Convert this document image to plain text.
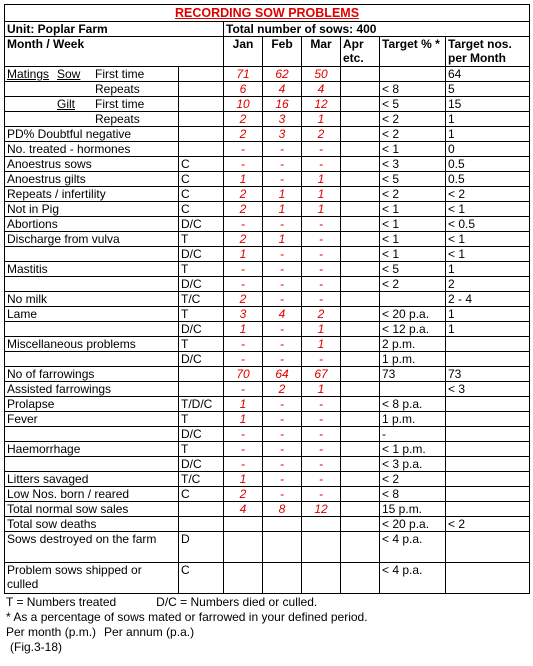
RECORDING SOW PROBLEMS							
Unit: Poplar Farm		Total number of sows: 400					
Month / Week		Jan	Feb	Mar	Apr etc.	Target % *	Target nos. per Month

Matings Sow First time		71	62	50			64

Repeats		6	4	4		< 8	5

Gilt First time		10	16	12		< 5	15

Repeats		2	3	1		< 2	1
PD% Doubtful negative		2	3	2		< 2	1
No. treated - hormones		-	-	-		< 1	0
Anoestrus sows	C	-	-	-		< 3	0.5
Anoestrus gilts	C	1	-	1		< 5	0.5
Repeats / infertility	C	2	1	1		< 2	< 2
Not in Pig	C	2	1	1		< 1	< 1
Abortions	D/C	-	-	-		< 1	< 0.5
Discharge from vulva	T	2	1	-		< 1	< 1
	D/C	1	-	-		< 1	< 1
Mastitis	T	-	-	-		< 5	1
	D/C	-	-	-		< 2	2
No milk	T/C	2	-	-			2 - 4
Lame	T	3	4	2		< 20 p.a.	1
	D/C	1	-	1		< 12 p.a.	1
Miscellaneous problems	T	-	-	1		2 p.m.	
	D/C	-	-	-		1 p.m.	
No of farrowings		70	64	67		73	73
Assisted farrowings		-	2	1			< 3
Prolapse	T/D/C	1	-	-		< 8 p.a.	
Fever	T	1	-	-		1 p.m.	
	D/C	-	-	-		-	
Haemorrhage	T	-	-	-		< 1 p.m.	
	D/C	-	-	-		< 3 p.a.	
Litters savaged	T/C	1	-	-		< 2	
Low Nos. born / reared	C	2	-	-		< 8	
Total normal sow sales		4	8	12		15 p.m.	
Total sow deaths						< 20 p.a.	< 2
Sows destroyed on the farm	D					< 4 p.a.	
Problem sows shipped or culled	C					< 4 p.a.	
T = Numbers treated	D/C = Numbers died or culled.
* As a percentage of sows mated or farrowed in your defined period.
Per month (p.m.) Per annum (p.a.)
(Fig.3-18)
